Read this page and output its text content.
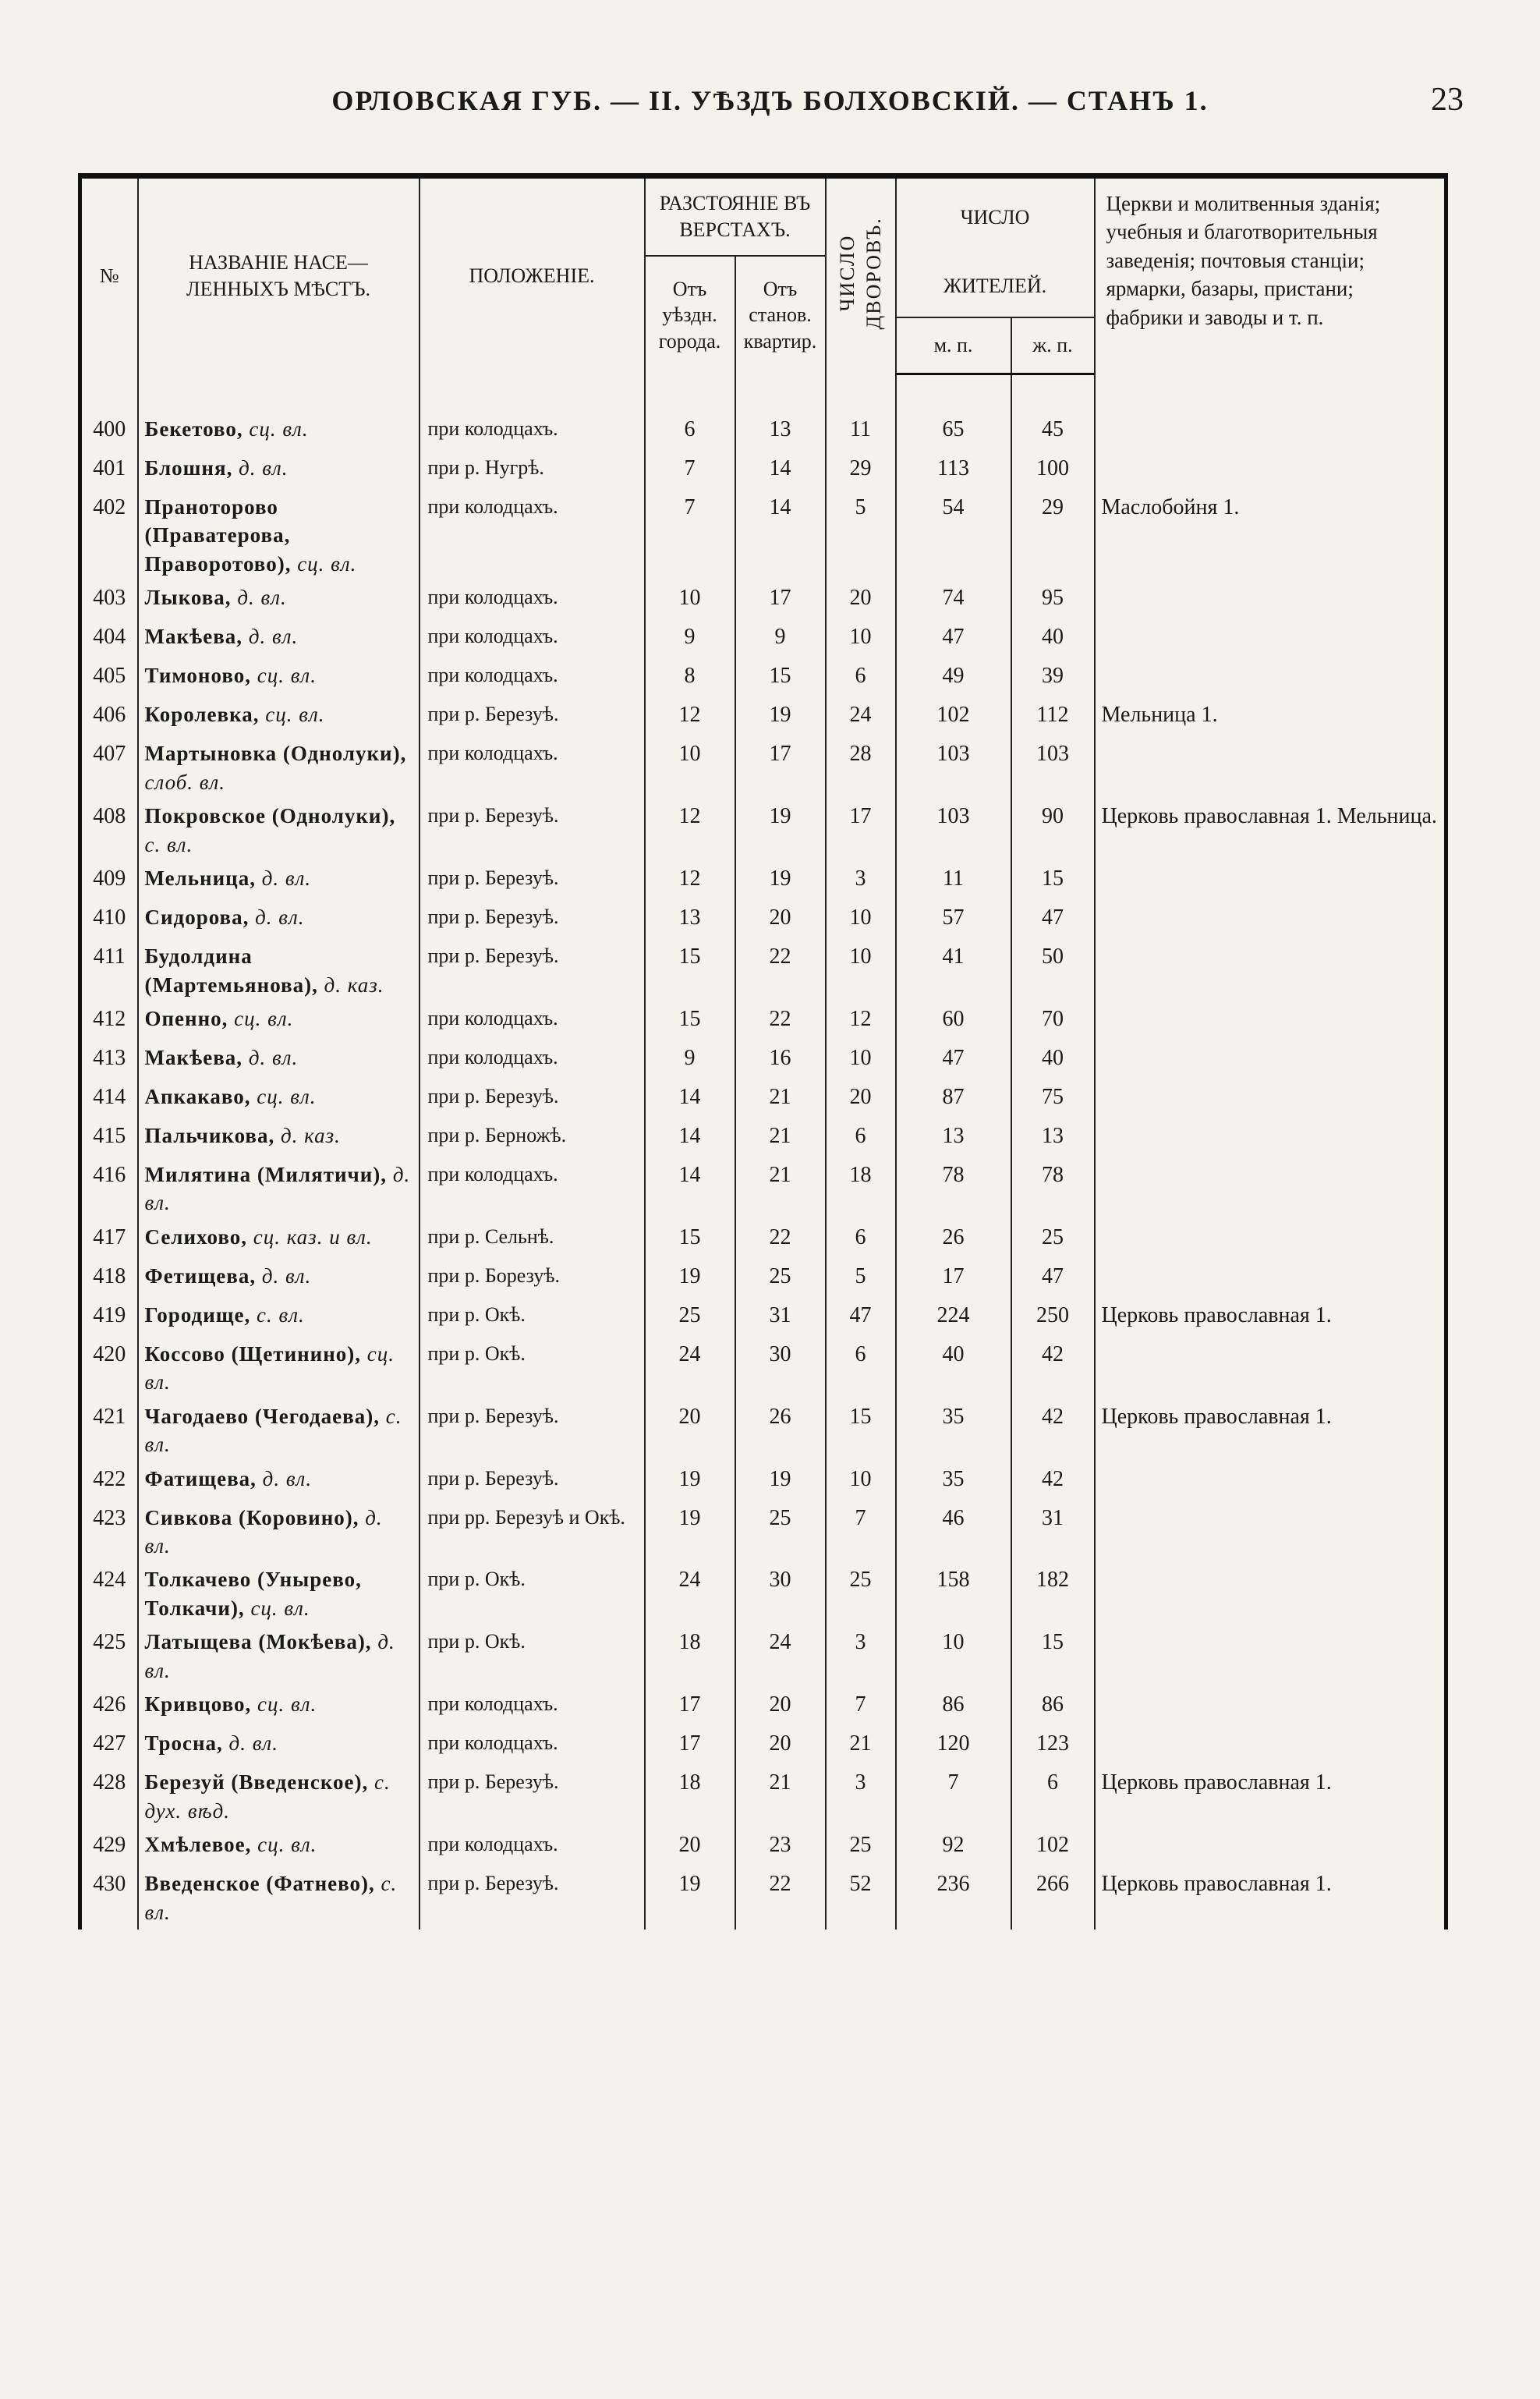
ОРЛОВСКАЯ ГУБ. — II. УѢЗДЪ БОЛХОВСКІЙ. — СТАНЪ 1.	23
№	НАЗВАНІЕ НАСЕ— ЛЕННЫХЪ МѢСТЪ.	ПОЛОЖЕНІЕ.	РАЗСТОЯНІЕ ВЪ ВЕРСТАХЪ.		ЧИСЛО ДВОРОВЪ.	ЧИСЛО		Церкви и молитвенныя зданія; учебныя и благотворительныя заведенія; почтовыя станціи; ярмарки, базары, пристани; фабрики и заводы и т. п.
			Отъ уѣздн. города.	Отъ станов. квартир.		ЖИТЕЛЕЙ.		
						м. п.	ж. п.	

400	Бекетово, сц. вл.	при колодцахъ.	6	13	11	65	45	
401	Блошня, д. вл.	при р. Нугрѣ.	7	14	29	113	100	
402	Праноторово (Праватерова, Праворотово), сц. вл.	при колодцахъ.	7	14	5	54	29	Маслобойня 1.
403	Лыкова, д. вл.	при колодцахъ.	10	17	20	74	95	
404	Макѣева, д. вл.	при колодцахъ.	9	9	10	47	40	
405	Тимоново, сц. вл.	при колодцахъ.	8	15	6	49	39	
406	Королевка, сц. вл.	при р. Березуѣ.	12	19	24	102	112	Мельница 1.
407	Мартыновка (Однолуки), слоб. вл.	при колодцахъ.	10	17	28	103	103	
408	Покровское (Однолуки), с. вл.	при р. Березуѣ.	12	19	17	103	90	Церковь православная 1. Мельница.
409	Мельница, д. вл.	при р. Березуѣ.	12	19	3	11	15	
410	Сидорова, д. вл.	при р. Березуѣ.	13	20	10	57	47	
411	Будолдина (Мартемьянова), д. каз.	при р. Березуѣ.	15	22	10	41	50	
412	Опенно, сц. вл.	при колодцахъ.	15	22	12	60	70	
413	Макѣева, д. вл.	при колодцахъ.	9	16	10	47	40	
414	Апкакаво, сц. вл.	при р. Березуѣ.	14	21	20	87	75	
415	Пальчикова, д. каз.	при р. Берножѣ.	14	21	6	13	13	
416	Милятина (Милятичи), д. вл.	при колодцахъ.	14	21	18	78	78	
417	Селихово, сц. каз. и вл.	при р. Сельнѣ.	15	22	6	26	25	
418	Фетищева, д. вл.	при р. Борезуѣ.	19	25	5	17	47	
419	Городище, с. вл.	при р. Окѣ.	25	31	47	224	250	Церковь православная 1.
420	Коссово (Щетинино), сц. вл.	при р. Окѣ.	24	30	6	40	42	
421	Чагодаево (Чегодаева), с. вл.	при р. Березуѣ.	20	26	15	35	42	Церковь православная 1.
422	Фатищева, д. вл.	при р. Березуѣ.	19	19	10	35	42	
423	Сивкова (Коровино), д. вл.	при рр. Березуѣ и Окѣ.	19	25	7	46	31	
424	Толкачево (Унырево, Толкачи), сц. вл.	при р. Окѣ.	24	30	25	158	182	
425	Латыщева (Мокѣева), д. вл.	при р. Окѣ.	18	24	3	10	15	
426	Кривцово, сц. вл.	при колодцахъ.	17	20	7	86	86	
427	Тросна, д. вл.	при колодцахъ.	17	20	21	120	123	
428	Березуй (Введенское), с. дух. вѣд.	при р. Березуѣ.	18	21	3	7	6	Церковь православная 1.
429	Хмѣлевое, сц. вл.	при колодцахъ.	20	23	25	92	102	
430	Введенское (Фатнево), с. вл.	при р. Березуѣ.	19	22	52	236	266	Церковь православная 1.
